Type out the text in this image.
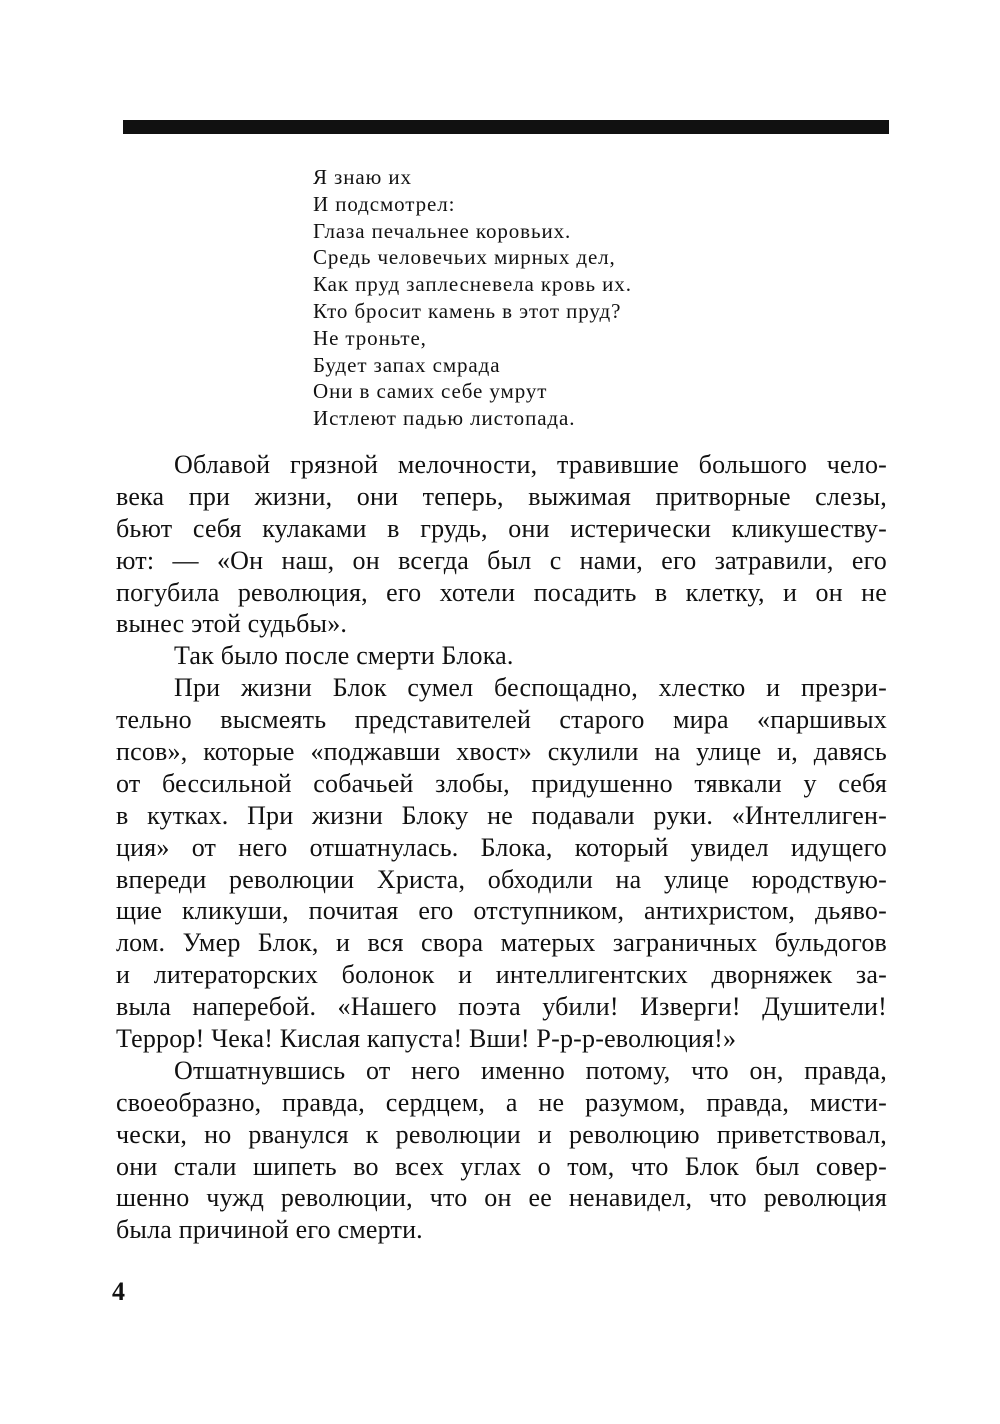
Я знаю их
И подсмотрел:
Глаза печальнее коровьих.
Средь человечьих мирных дел,
Как пруд заплесневела кровь их.
Кто бросит камень в этот пруд?
Не троньте,
Будет запах смрада
Они в самих себе умрут
Истлеют падью листопада.
Облавой грязной мелочности, травившие большого чело-
века при жизни, они теперь, выжимая притворные слезы,
бьют себя кулаками в грудь, они истерически кликушеству-
ют: — «Он наш, он всегда был с нами, его затравили, его
погубила революция, его хотели посадить в клетку, и он не
вынес этой судьбы».
Так было после смерти Блока.
При жизни Блок сумел беспощадно, хлестко и презри-
тельно высмеять представителей старого мира «паршивых
псов», которые «поджавши хвост» скулили на улице и, давясь
от бессильной собачьей злобы, придушенно тявкали у себя
в кутках. При жизни Блоку не подавали руки. «Интеллиген-
ция» от него отшатнулась. Блока, который увидел идущего
впереди революции Христа, обходили на улице юродствую-
щие кликуши, почитая его отступником, антихристом, дьяво-
лом. Умер Блок, и вся свора матерых заграничных бульдогов
и литераторских болонок и интеллигентских дворняжек за-
выла наперебой. «Нашего поэта убили! Изверги! Душители!
Террор! Чека! Кислая капуста! Вши! Р-р-р-еволюция!»
Отшатнувшись от него именно потому, что он, правда,
своеобразно, правда, сердцем, а не разумом, правда, мисти-
чески, но рванулся к революции и революцию приветствовал,
они стали шипеть во всех углах о том, что Блок был совер-
шенно чужд революции, что он ее ненавидел, что революция
была причиной его смерти.
4
